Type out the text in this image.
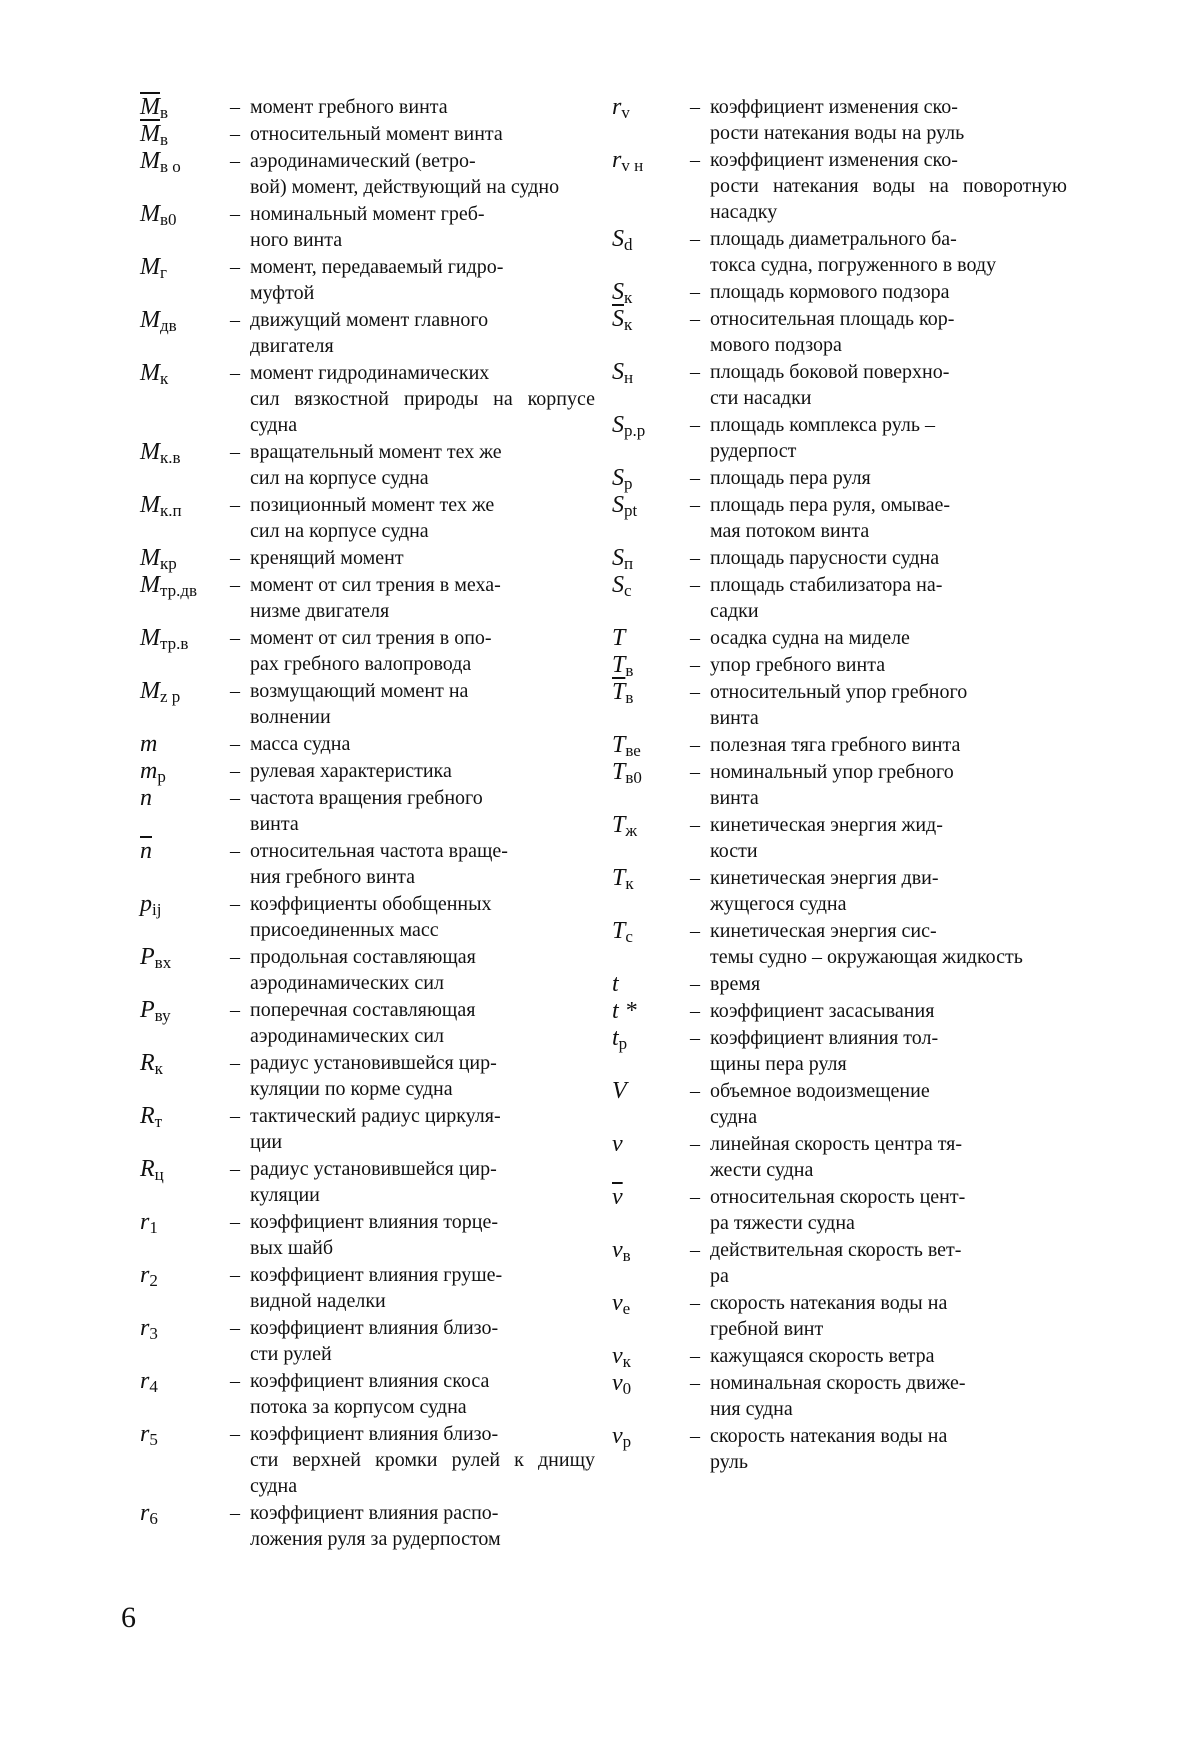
$\overline{M}_в$	– момент гребного винта
$\overline{M}_в$	– относительный момент винта
$M_{в о}$ – аэродинамический (ветро-
вой) момент, действующий на судно
$M_{в0}$	– номинальный момент греб-
ного винта
$M_г$	– момент, передаваемый гидро-
муфтой
$M_{дв}$	– движущий момент главного
двигателя
$M_к$	– момент гидродинамических
сил вязкостной природы на корпусе судна
$M_{к.в}$ – вращательный момент тех же
сил на корпусе судна
$M_{к.п}$ – позиционный момент тех же
сил на корпусе судна
$M_{кр}$	– кренящий момент
$M_{тр.дв}$ – момент от сил трения в меха-
низме двигателя
$M_{тр.в}$ – момент от сил трения в опо-
рах гребного валопровода
$M_{z р}$ – возмущающий момент на
волнении
m	– масса судна
$m_р$	– рулевая характеристика
n	– частота вращения гребного
винта
$\overline{n}$	– относительная частота враще-
ния гребного винта
$p_{ij}$	– коэффициенты обобщенных
присоединенных масс
$P_{вх}$	– продольная составляющая
аэродинамических сил
$P_{ву}$	– поперечная составляющая
аэродинамических сил
$R_к$	– радиус установившейся цир-
куляции по корме судна
$R_т$	– тактический радиус циркуля-
ции
$R_ц$	– радиус установившейся цир-
куляции
$r_1$	– коэффициент влияния торце-
вых шайб
$r_2$	– коэффициент влияния груше-
видной наделки
$r_3$	– коэффициент влияния близо-
сти рулей
$r_4$	– коэффициент влияния скоса
потока за корпусом судна
$r_5$	– коэффициент влияния близо-
сти верхней кромки рулей к днищу судна
$r_6$	– коэффициент влияния распо-
ложения руля за рудерпостом
$r_v$	– коэффициент изменения ско-
рости натекания воды на руль
$r_{v н}$ – коэффициент изменения ско-
рости натекания воды на поворотную насадку
$S_d$	– площадь диаметрального ба-
токса судна, погруженного в воду
$S_к$	– площадь кормового подзора
$\overline{S}_к$	– относительная площадь кор-
мового подзора
$S_н$	– площадь боковой поверхно-
сти насадки
$S_{р.р}$ – площадь комплекса руль –
рудерпост
$S_р$	– площадь пера руля
$S_{рt}$	– площадь пера руля, омывае-
мая потоком винта
$S_п$	– площадь парусности судна
$S_с$	– площадь стабилизатора на-
садки
T	– осадка судна на миделе
$T_в$	– упор гребного винта
$\overline{T}_в$	– относительный упор гребного
винта
$T_{ве}$ – полезная тяга гребного винта
$T_{в0}$ – номинальный упор гребного
винта
$T_ж$	– кинетическая энергия жид-
кости
$T_к$	– кинетическая энергия дви-
жущегося судна
$T_с$	– кинетическая энергия сис-
темы судно – окружающая жидкость
t	– время
t *	– коэффициент засасывания
$t_р$	– коэффициент влияния тол-
щины пера руля
V	– объемное водоизмещение
судна
v	– линейная скорость центра тя-
жести судна
$\overline{v}$	– относительная скорость цент-
ра тяжести судна
$v_в$	– действительная скорость вет-
ра
$v_е$	– скорость натекания воды на
гребной винт
$v_к$	– кажущаяся скорость ветра
$v_0$	– номинальная скорость движе-
ния судна
$v_р$	– скорость натекания воды на
руль
6
